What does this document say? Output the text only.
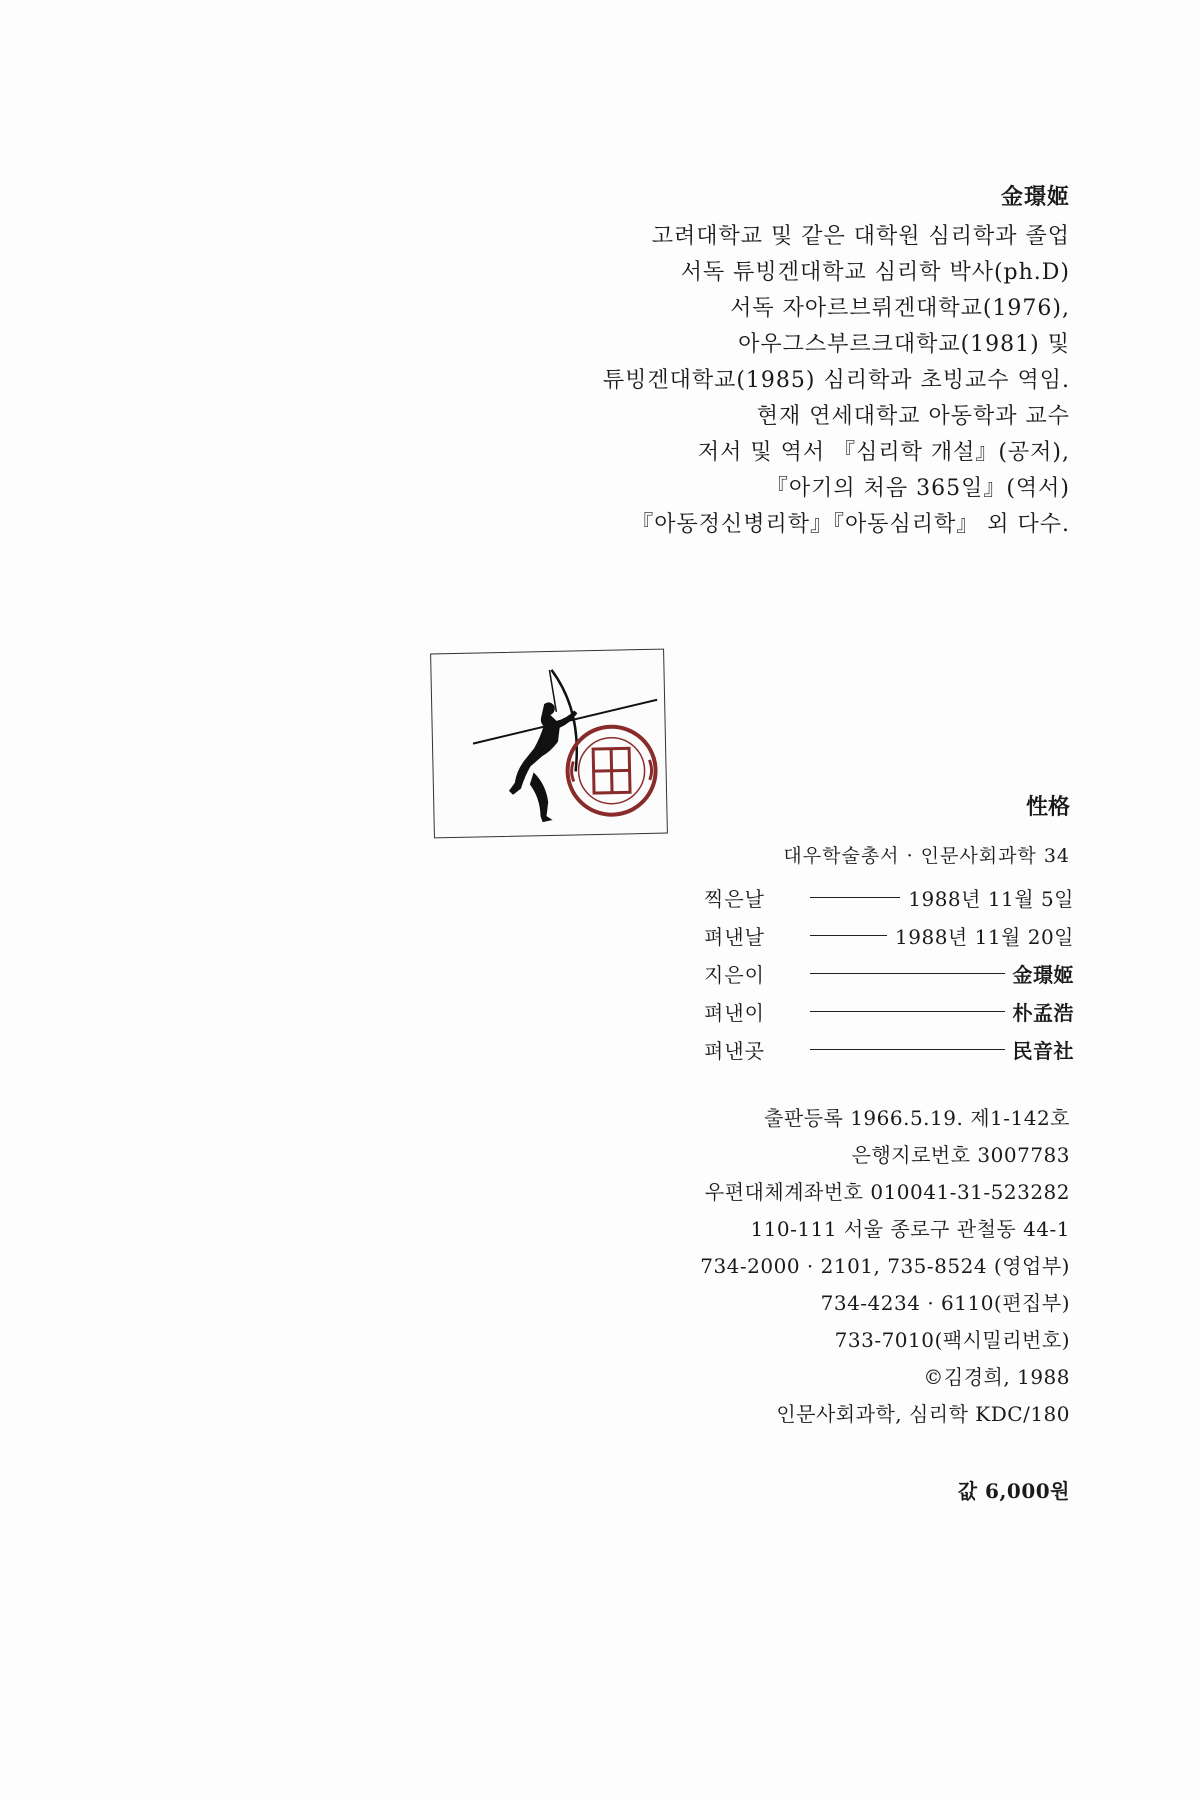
金璟姬
고려대학교 및 같은 대학원 심리학과 졸업
서독 튜빙겐대학교 심리학 박사(ph.D)
서독 자아르브뤼겐대학교(1976),
아우그스부르크대학교(1981) 및
튜빙겐대학교(1985) 심리학과 초빙교수 역임.
현재 연세대학교 아동학과 교수
저서 및 역서 『심리학 개설』(공저),
『아기의 처음 365일』(역서)
『아동정신병리학』『아동심리학』 외 다수.
性格
대우학술총서 · 인문사회과학 34
찍은날	1988년 11월 5일
펴낸날	1988년 11월 20일
지은이	金璟姬
펴낸이	朴孟浩
펴낸곳	民音社
출판등록 1966.5.19. 제1-142호
은행지로번호 3007783
우편대체계좌번호 010041-31-523282
110-111 서울 종로구 관철동 44-1
734-2000 · 2101, 735-8524 (영업부)
734-4234 · 6110(편집부)
733-7010(팩시밀리번호)
©김경희, 1988
인문사회과학, 심리학 KDC/180
값 6,000원
